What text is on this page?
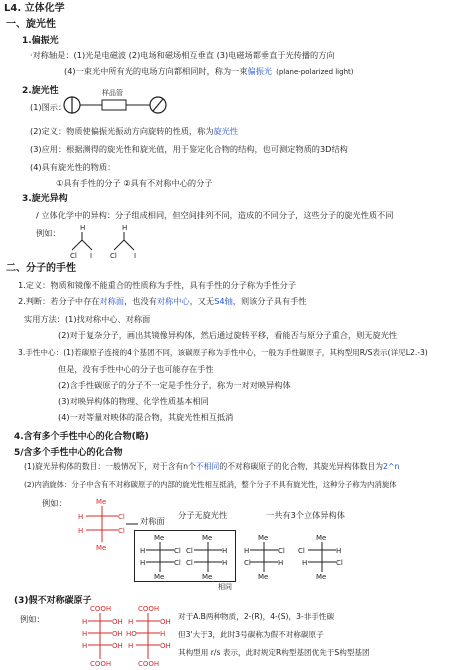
L4. 立体化学
一、旋光性
1.偏振光
·对称轴是：(1)光是电磁波 (2)电场和磁场相互垂直 (3)电磁场都垂直于光传播的方向
(4)一束光中所有光的电场方向都相同时，称为一束偏振光 (plane-polarized light)
2.旋光性
(1)图示：
样品管
(2)定义：物质使偏振光振动方向旋转的性质，称为旋光性
(3)应用：根据测得的旋光性和旋光值，用于鉴定化合物的结构，也可测定物质的3D结构
(4)具有旋光性的物质：
①具有手性的分子 ②具有不对称中心的分子
3.旋光异构
/ 立体化学中的异构：分子组成相同，但空间排列不同，造成的不同分子，这些分子的旋光性质不同
例如：	H
Cl I
H
Cl I
二、分子的手性
1.定义：物质和镜像不能重合的性质称为手性，具有手性的分子称为手性分子
2.判断：若分子中存在对称面，也没有对称中心，又无S4轴，则该分子具有手性
实用方法：(1)找对称中心、对称面
(2)对于复杂分子，画出其镜像异构体，然后通过旋转平移，看能否与原分子重合，则无旋光性
3.手性中心：(1)若碳原子连接的4个基团不同，该碳原子称为手性中心，一般为手性碳原子，其构型用R/S表示(详见L2.-3)
但是，没有手性中心的分子也可能存在手性
(2)含手性碳原子的分子不一定是手性分子，称为一对对映异构体
(3)对映异构体的物理、化学性质基本相同
(4)一对等量对映体的混合物，其旋光性相互抵消
4.含有多个手性中心的化合物(略)
5/含多个手性中心的化合物
(1)旋光异构体的数目：一般情况下，对于含有n个不相同的不对称碳原子的化合物，其旋光异构体数目为2^n
(2)内消旋体：分子中含有不对称碳原子的内部的旋光性相互抵消，整个分子不具有旋光性，这种分子称为内消旋体
例如：	Me
H	Cl
H	Cl
Me
对称面
分子无旋光性	一共有3个立体异构体
Me
H	Cl
H	Cl
Me
Me
Cl	H
Cl	H
Me
相同
Me
H	Cl
Cl	H
Me
Me
Cl	H
H	Cl
Me
(3)假不对称碳原子
例如：
COOH
H	OH
H	OH
H	OH
COOH
COOH
H	OH
HO	H
H	OH
COOH
对于A.B两种物质，2-(R)，4-(S)，3-非手性碳
但3'大于3，此时3号碳称为假不对称碳原子
其构型用 r/s 表示，此时规定R构型基团优先于S构型基团
